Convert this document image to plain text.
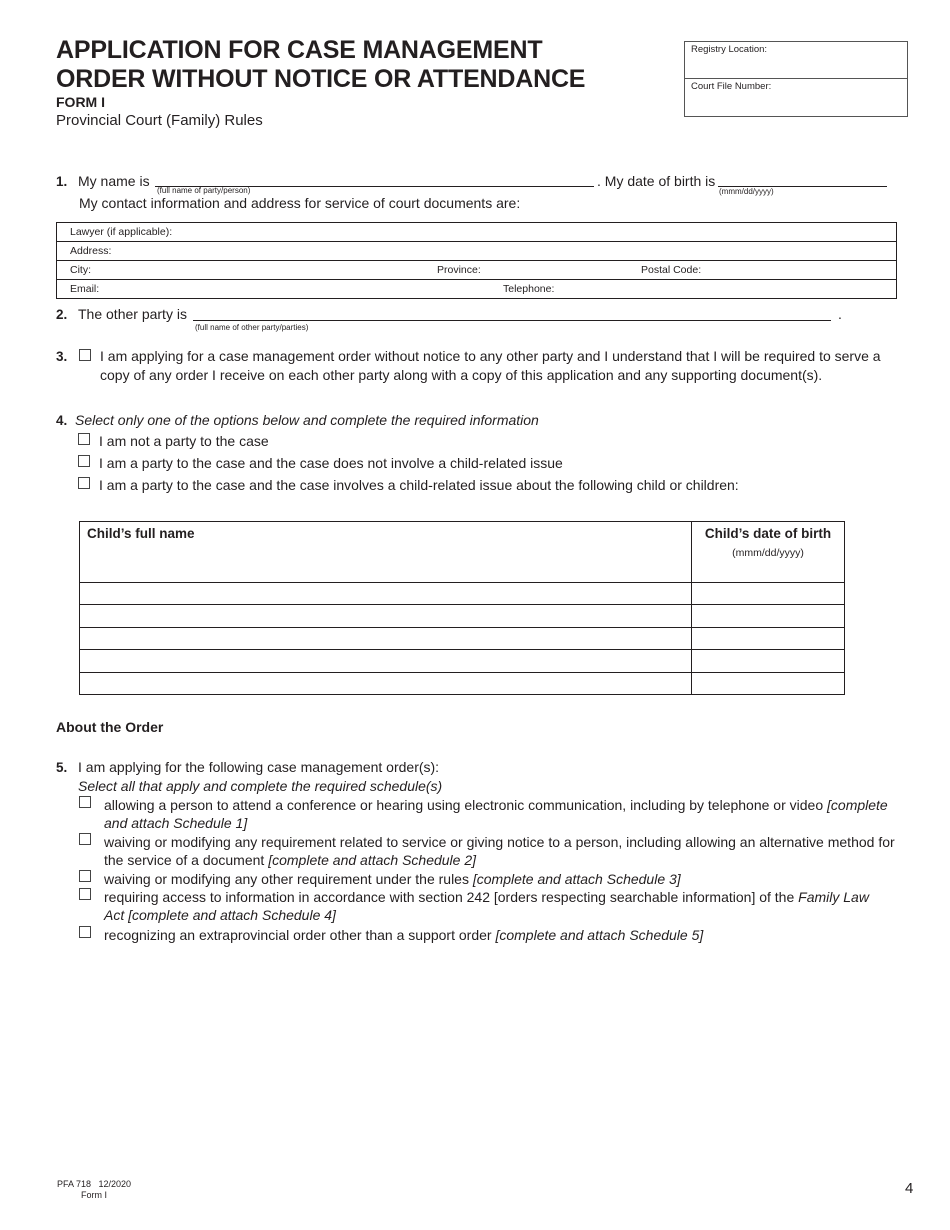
APPLICATION FOR CASE MANAGEMENT
ORDER WITHOUT NOTICE OR ATTENDANCE
FORM I
Provincial Court (Family) Rules
Registry Location:
Court File Number:
1. My name is
(full name of party/person)
. My date of birth is
(mmm/dd/yyyy)
My contact information and address for service of court documents are:
Lawyer (if applicable):
Address:
City:	Province:	Postal Code:
Email:	Telephone:
2. The other party is
(full name of other party/parties)
.
3. I am applying for a case management order without notice to any other party and I understand that I will be required to serve a
copy of any order I receive on each other party along with a copy of this application and any supporting document(s).
4. Select only one of the options below and complete the required information
I am not a party to the case
I am a party to the case and the case does not involve a child-related issue
I am a party to the case and the case involves a child-related issue about the following child or children:
Child’s full name	Child’s date of birth
(mmm/dd/yyyy)
About the Order
5. I am applying for the following case management order(s):
Select all that apply and complete the required schedule(s)
allowing a person to attend a conference or hearing using electronic communication, including by telephone or video [complete
and attach Schedule 1]
waiving or modifying any requirement related to service or giving notice to a person, including allowing an alternative method for
the service of a document [complete and attach Schedule 2]
waiving or modifying any other requirement under the rules [complete and attach Schedule 3]
requiring access to information in accordance with section 242 [orders respecting searchable information] of the Family Law
Act [complete and attach Schedule 4]
recognizing an extraprovincial order other than a support order [complete and attach Schedule 5]
PFA 718   12/2020
Form I	4
